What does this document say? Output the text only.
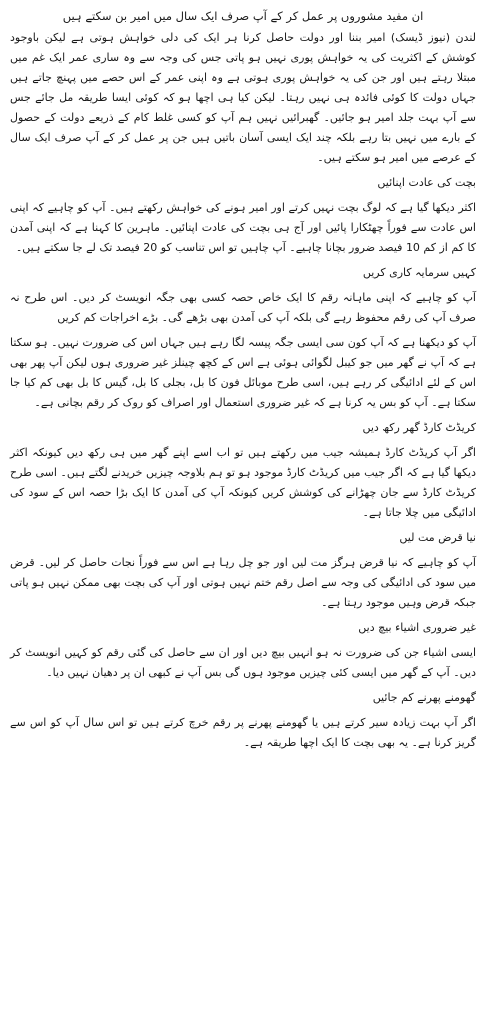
ان مفید مشوروں پر عمل کر کے آپ صرف ایک سال میں امیر بن سکتے ہیں

لندن (نیوز ڈیسک) امیر بننا اور دولت حاصل کرنا ہر ایک کی دلی خواہش ہوتی ہے لیکن باوجود کوشش کے اکثریت کی یہ خواہش پوری نہیں ہو پاتی جس کی وجہ سے وہ ساری عمر ایک غم میں مبتلا رہتے ہیں اور جن کی یہ خواہش پوری ہوتی ہے وہ اپنی عمر کے اس حصے میں پہنچ جاتے ہیں جہاں دولت کا کوئی فائدہ ہی نہیں رہتا۔ لیکن کیا ہی اچھا ہو کہ کوئی ایسا طریقہ مل جائے جس سے آپ بہت جلد امیر ہو جائیں۔ گھبرائیں نہیں ہم آپ کو کسی غلط کام کے ذریعے دولت کے حصول کے بارے میں نہیں بتا رہے بلکہ چند ایک ایسی آسان باتیں ہیں جن پر عمل کر کے آپ صرف ایک سال کے عرصے میں امیر ہو سکتے ہیں۔

بچت کی عادت اپنائیں

اکثر دیکھا گیا ہے کہ لوگ بچت نہیں کرتے اور امیر ہونے کی خواہش رکھتے ہیں۔ آپ کو چاہیے کہ اپنی اس عادت سے فوراً چھٹکارا پائیں اور آج ہی بچت کی عادت اپنائیں۔ ماہرین کا کہنا ہے کہ اپنی آمدن کا کم از کم 10 فیصد ضرور بچانا چاہیے۔ آپ چاہیں تو اس تناسب کو 20 فیصد تک لے جا سکتے ہیں۔

کہیں سرمایہ کاری کریں

آپ کو چاہیے کہ اپنی ماہانہ رقم کا ایک خاص حصہ کسی بھی جگہ انویسٹ کر دیں۔ اس طرح نہ صرف آپ کی رقم محفوظ رہے گی بلکہ آپ کی آمدن بھی بڑھے گی۔ بڑے اخراجات کم کریں

آپ کو دیکھنا ہے کہ آپ کون سی ایسی جگہ پیسہ لگا رہے ہیں جہاں اس کی ضرورت نہیں۔ ہو سکتا ہے کہ آپ نے گھر میں جو کیبل لگوائی ہوئی ہے اس کے کچھ چینلز غیر ضروری ہوں لیکن آپ پھر بھی اس کے لئے ادائیگی کر رہے ہیں، اسی طرح موبائل فون کا بل، بجلی کا بل، گیس کا بل بھی کم کیا جا سکتا ہے۔ آپ کو بس یہ کرنا ہے کہ غیر ضروری استعمال اور اصراف کو روک کر رقم بچانی ہے۔

کریڈٹ کارڈ گھر رکھ دیں

اگر آپ کریڈٹ کارڈ ہمیشہ جیب میں رکھتے ہیں تو اب اسے اپنے گھر میں ہی رکھ دیں کیونکہ اکثر دیکھا گیا ہے کہ اگر جیب میں کریڈٹ کارڈ موجود ہو تو ہم بلاوجہ چیزیں خریدنے لگتے ہیں۔ اسی طرح کریڈٹ کارڈ سے جان چھڑانے کی کوشش کریں کیونکہ آپ کی آمدن کا ایک بڑا حصہ اس کے سود کی ادائیگی میں چلا جاتا ہے۔

نیا قرض مت لیں

آپ کو چاہیے کہ نیا قرض ہرگز مت لیں اور جو چل رہا ہے اس سے فوراً نجات حاصل کر لیں۔ قرض میں سود کی ادائیگی کی وجہ سے اصل رقم ختم نہیں ہوتی اور آپ کی بچت بھی ممکن نہیں ہو پاتی جبکہ قرض وہیں موجود رہتا ہے۔

غیر ضروری اشیاء بیچ دیں

ایسی اشیاء جن کی ضرورت نہ ہو انہیں بیچ دیں اور ان سے حاصل کی گئی رقم کو کہیں انویسٹ کر دیں۔ آپ کے گھر میں ایسی کئی چیزیں موجود ہوں گی بس آپ نے کبھی ان پر دھیان نہیں دیا۔

گھومنے پھرنے کم جائیں

اگر آپ بہت زیادہ سیر کرتے ہیں یا گھومنے پھرنے پر رقم خرچ کرتے ہیں تو اس سال آپ کو اس سے گریز کرنا ہے۔ یہ بھی بچت کا ایک اچھا طریقہ ہے۔
